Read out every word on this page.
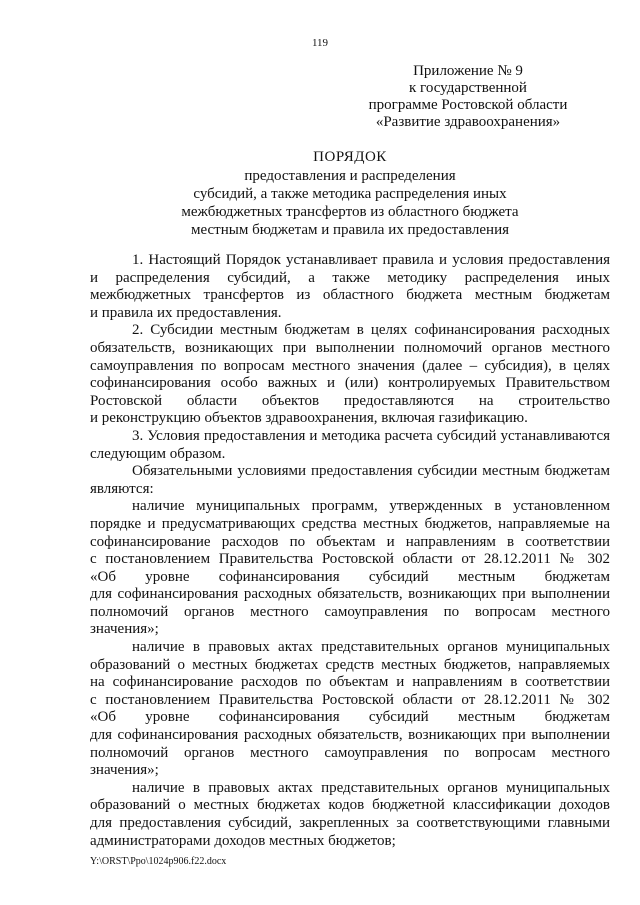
119
Приложение № 9
к государственной
программе Ростовской области
«Развитие здравоохранения»
ПОРЯДОК
предоставления и распределения
субсидий, а также методика распределения иных
межбюджетных трансфертов из областного бюджета
местным бюджетам и правила их предоставления
1. Настоящий Порядок устанавливает правила и условия предоставления
и распределения субсидий, а также методику распределения иных
межбюджетных трансфертов из областного бюджета местным бюджетам
и правила их предоставления.
2. Субсидии местным бюджетам в целях софинансирования расходных
обязательств, возникающих при выполнении полномочий органов местного
самоуправления по вопросам местного значения (далее – субсидия), в целях
софинансирования особо важных и (или) контролируемых Правительством
Ростовской области объектов предоставляются на строительство
и реконструкцию объектов здравоохранения, включая газификацию.
3. Условия предоставления и методика расчета субсидий устанавливаются
следующим образом.
Обязательными условиями предоставления субсидии местным бюджетам
являются:
наличие муниципальных программ, утвержденных в установленном
порядке и предусматривающих средства местных бюджетов, направляемые на
софинансирование расходов по объектам и направлениям в соответствии
с постановлением Правительства Ростовской области от 28.12.2011 № 302
«Об уровне софинансирования субсидий местным бюджетам
для софинансирования расходных обязательств, возникающих при выполнении
полномочий органов местного самоуправления по вопросам местного
значения»;
наличие в правовых актах представительных органов муниципальных
образований о местных бюджетах средств местных бюджетов, направляемых
на софинансирование расходов по объектам и направлениям в соответствии
с постановлением Правительства Ростовской области от 28.12.2011 № 302
«Об уровне софинансирования субсидий местным бюджетам
для софинансирования расходных обязательств, возникающих при выполнении
полномочий органов местного самоуправления по вопросам местного
значения»;
наличие в правовых актах представительных органов муниципальных
образований о местных бюджетах кодов бюджетной классификации доходов
для предоставления субсидий, закрепленных за соответствующими главными
администраторами доходов местных бюджетов;
Y:\ORST\Ppo\1024p906.f22.docx
